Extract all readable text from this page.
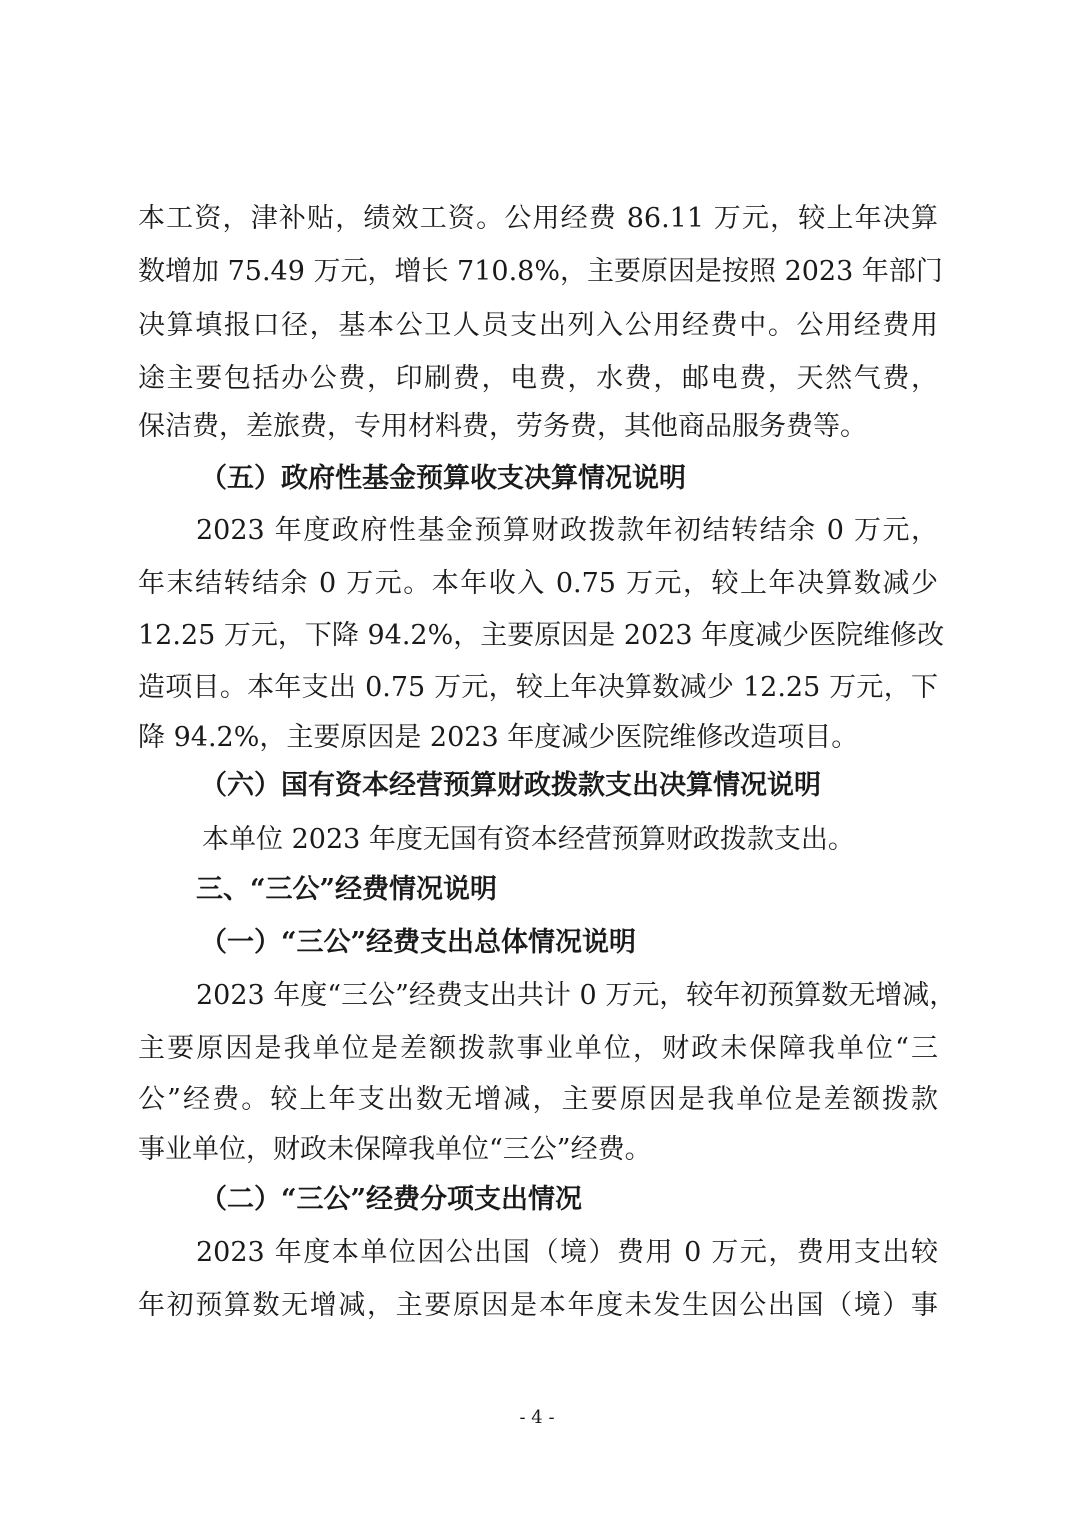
本工资，津补贴，绩效工资。公用经费 86.11 万元，较上年决算
数增加 75.49 万元，增长 710.8%，主要原因是按照 2023 年部门
决算填报口径，基本公卫人员支出列入公用经费中。公用经费用
途主要包括办公费，印刷费，电费，水费，邮电费，天然气费，
保洁费，差旅费，专用材料费，劳务费，其他商品服务费等。
（五）政府性基金预算收支决算情况说明
2023 年度政府性基金预算财政拨款年初结转结余 0 万元，
年末结转结余 0 万元。本年收入 0.75 万元，较上年决算数减少
12.25 万元，下降 94.2%，主要原因是 2023 年度减少医院维修改
造项目。本年支出 0.75 万元，较上年决算数减少 12.25 万元，下
降 94.2%，主要原因是 2023 年度减少医院维修改造项目。
（六）国有资本经营预算财政拨款支出决算情况说明
本单位 2023 年度无国有资本经营预算财政拨款支出。
三、“三公”经费情况说明
（一）“三公”经费支出总体情况说明
2023 年度“三公”经费支出共计 0 万元，较年初预算数无增减，
主要原因是我单位是差额拨款事业单位，财政未保障我单位“三
公”经费。较上年支出数无增减，主要原因是我单位是差额拨款
事业单位，财政未保障我单位“三公”经费。
（二）“三公”经费分项支出情况
2023 年度本单位因公出国（境）费用 0 万元，费用支出较
年初预算数无增减，主要原因是本年度未发生因公出国（境）事
- 4 -
